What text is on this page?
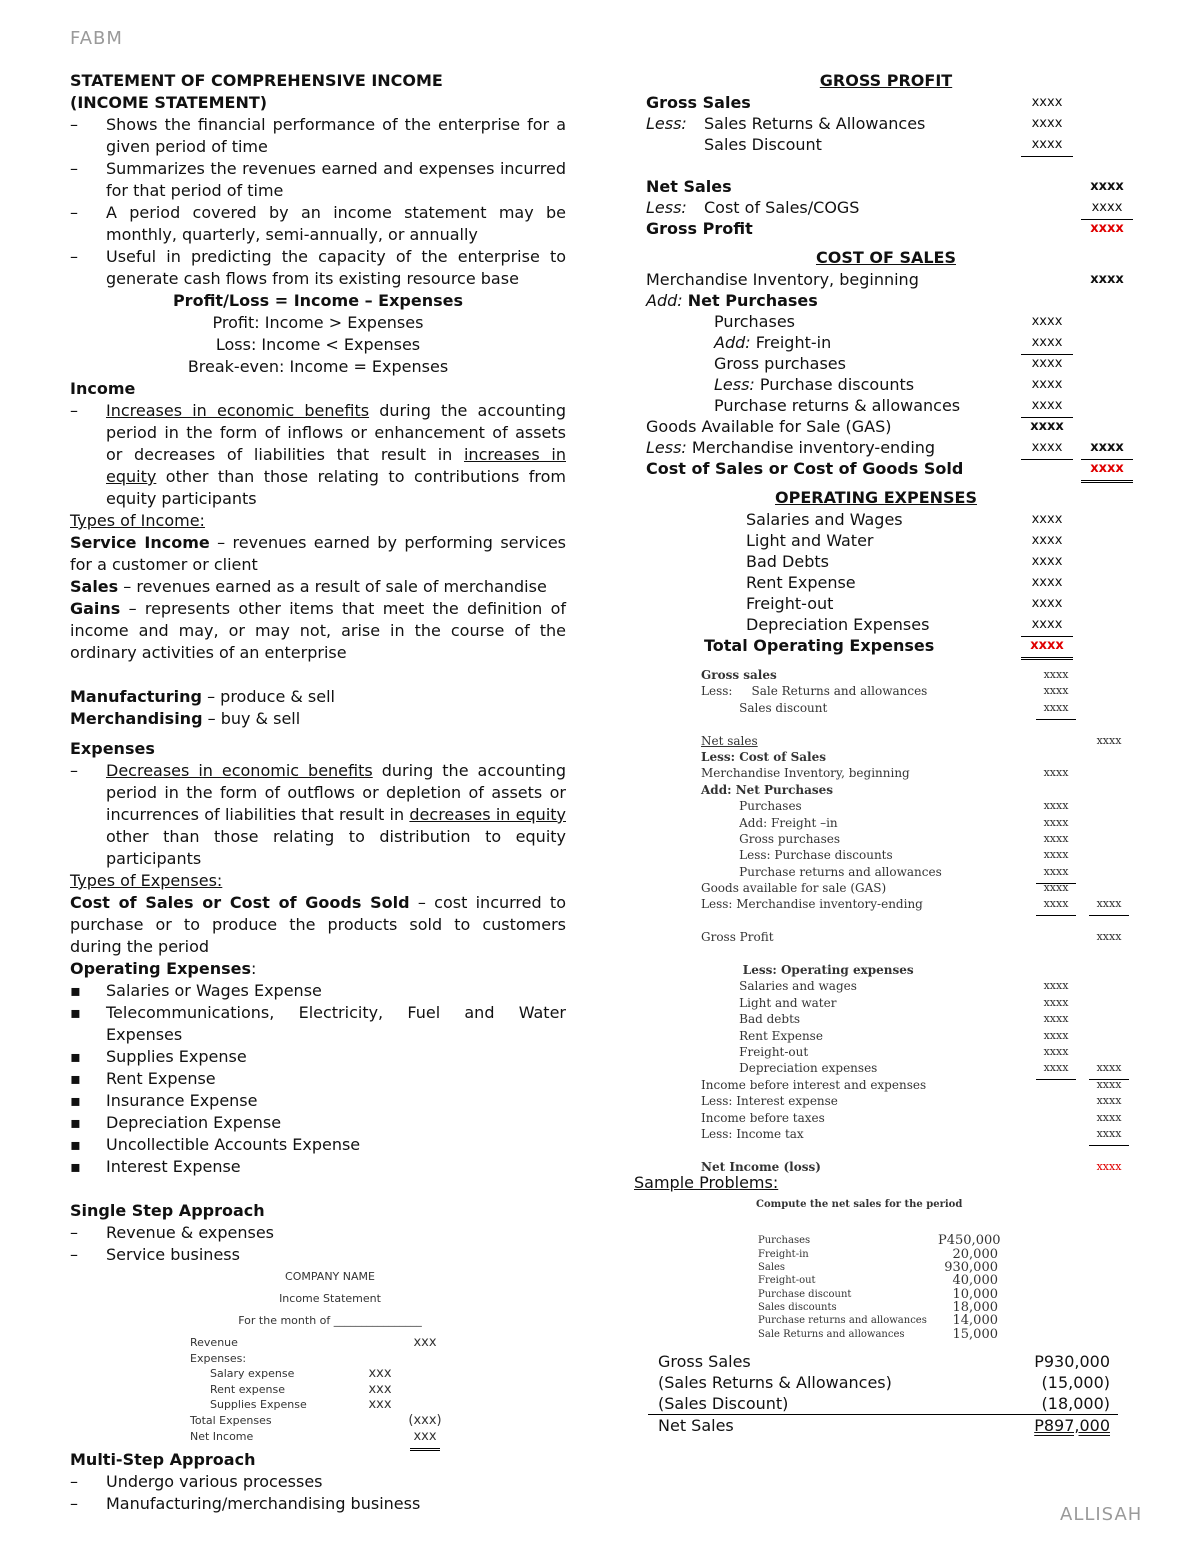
FABM
ALLISAH
STATEMENT OF COMPREHENSIVE INCOME
(INCOME STATEMENT)
–	Shows the financial performance of the enterprise for a given period of time
–	Summarizes the revenues earned and expenses incurred for that period of time
–	A period covered by an income statement may be monthly, quarterly, semi-annually, or annually
–	Useful in predicting the capacity of the enterprise to generate cash flows from its existing resource base
Profit/Loss = Income – Expenses
Profit: Income > Expenses
Loss: Income < Expenses
Break-even: Income = Expenses
Income
–	Increases in economic benefits during the accounting period in the form of inflows or enhancement of assets or decreases of liabilities that result in increases in equity other than those relating to contributions from equity participants
Types of Income:
Service Income – revenues earned by performing services for a customer or client
Sales – revenues earned as a result of sale of merchandise
Gains – represents other items that meet the definition of income and may, or may not, arise in the course of the ordinary activities of an enterprise
Manufacturing – produce & sell
Merchandising – buy & sell
Expenses
–	Decreases in economic benefits during the accounting period in the form of outflows or depletion of assets or incurrences of liabilities that result in decreases in equity other than those relating to distribution to equity participants
Types of Expenses:
Cost of Sales or Cost of Goods Sold – cost incurred to purchase or to produce the products sold to customers during the period
Operating Expenses:
▪	Salaries or Wages Expense
▪	Telecommunications, Electricity, Fuel and Water Expenses
▪	Supplies Expense
▪	Rent Expense
▪	Insurance Expense
▪	Depreciation Expense
▪	Uncollectible Accounts Expense
▪	Interest Expense
Single Step Approach
–	Revenue & expenses
–	Service business
COMPANY NAME
Income Statement
For the month of ________________
Revenue	xxx
Expenses:
Salary expense	xxx
Rent expense	xxx
Supplies Expense	xxx
Total Expenses	(xxx)
Net Income	xxx
Multi-Step Approach
–	Undergo various processes
–	Manufacturing/merchandising business
GROSS PROFIT
Gross Sales	xxxx
Less: Sales Returns & Allowances	xxxx
Sales Discount	xxxx
Net Sales	xxxx
Less: Cost of Sales/COGS	xxxx
Gross Profit	xxxx
COST OF SALES
Merchandise Inventory, beginning	xxxx
Add: Net Purchases
Purchases	xxxx
Add: Freight-in	xxxx
Gross purchases	xxxx
Less: Purchase discounts	xxxx
Purchase returns & allowances	xxxx
Goods Available for Sale (GAS)	xxxx
Less: Merchandise inventory-ending	xxxx	xxxx
Cost of Sales or Cost of Goods Sold	xxxx
OPERATING EXPENSES
Salaries and Wages	xxxx
Light and Water	xxxx
Bad Debts	xxxx
Rent Expense	xxxx
Freight-out	xxxx
Depreciation Expenses	xxxx
Total Operating Expenses	xxxx
Gross sales	xxxx
Less:     Sale Returns and allowances	xxxx
Sales discount	xxxx
Net sales	xxxx
Less: Cost of Sales
Merchandise Inventory, beginning	xxxx
Add: Net Purchases
Purchases	xxxx
Add: Freight –in	xxxx
Gross purchases	xxxx
Less: Purchase discounts	xxxx
Purchase returns and allowances	xxxx
Goods available for sale (GAS)	xxxx
Less: Merchandise inventory-ending	xxxx	xxxx
Gross Profit	xxxx
Less: Operating expenses
Salaries and wages	xxxx
Light and water	xxxx
Bad debts	xxxx
Rent Expense	xxxx
Freight-out	xxxx
Depreciation expenses	xxxx	xxxx
Income before interest and expenses	xxxx
Less: Interest expense	xxxx
Income before taxes	xxxx
Less: Income tax	xxxx
Net Income (loss)	xxxx
Sample Problems:
Compute the net sales for the period
Purchases	P450,000
Freight-in	20,000
Sales	930,000
Freight-out	40,000
Purchase discount	10,000
Sales discounts	18,000
Purchase returns and allowances	14,000
Sale Returns and allowances	15,000
Gross Sales	P930,000
(Sales Returns & Allowances)	(15,000)
(Sales Discount)	(18,000)
Net Sales	P897,000
